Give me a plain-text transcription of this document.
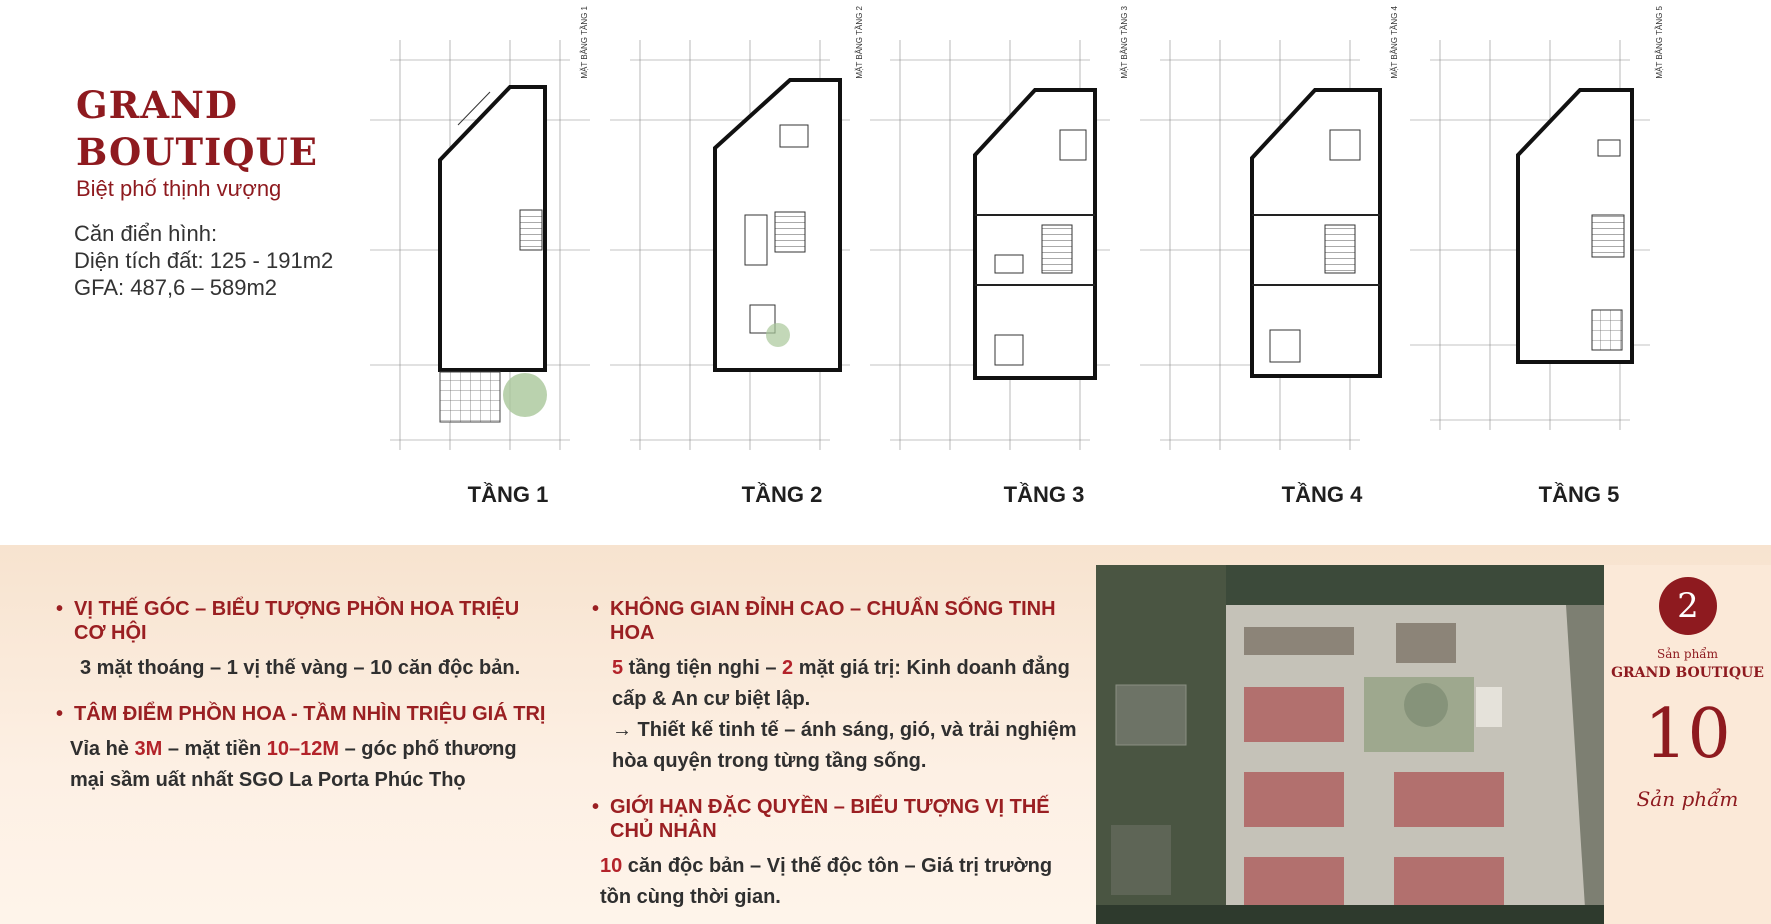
GRAND
BOUTIQUE
Biệt phố thịnh vượng
Căn điển hình:
Diện tích đất: 125 - 191m2
GFA: 487,6 – 589m2
MẶT BẰNG TẦNG 1	MẶT BẰNG TẦNG 2	MẶT BẰNG TẦNG 3	MẶT BẰNG TẦNG 4	MẶT BẰNG TẦNG 5
TẦNG 1	TẦNG 2	TẦNG 3	TẦNG 4	TẦNG 5
• VỊ THẾ GÓC – BIỂU TƯỢNG PHỒN HOA TRIỆU CƠ HỘI
3 mặt thoáng – 1 vị thế vàng – 10 căn độc bản.
• TÂM ĐIỂM PHỒN HOA - TẦM NHÌN TRIỆU GIÁ TRỊ
Vỉa hè 3M – mặt tiền 10–12M – góc phố thương mại sầm uất nhất SGO La Porta Phúc Thọ
• KHÔNG GIAN ĐỈNH CAO – CHUẨN SỐNG TINH HOA
5 tầng tiện nghi – 2 mặt giá trị: Kinh doanh đẳng cấp & An cư biệt lập.
→ Thiết kế tinh tế – ánh sáng, gió, và trải nghiệm hòa quyện trong từng tầng sống.
• GIỚI HẠN ĐẶC QUYỀN – BIỂU TƯỢNG VỊ THẾ CHỦ NHÂN
10 căn độc bản – Vị thế độc tôn – Giá trị trường tồn cùng thời gian.
2
Sản phẩm
GRAND BOUTIQUE
10
Sản phẩm
